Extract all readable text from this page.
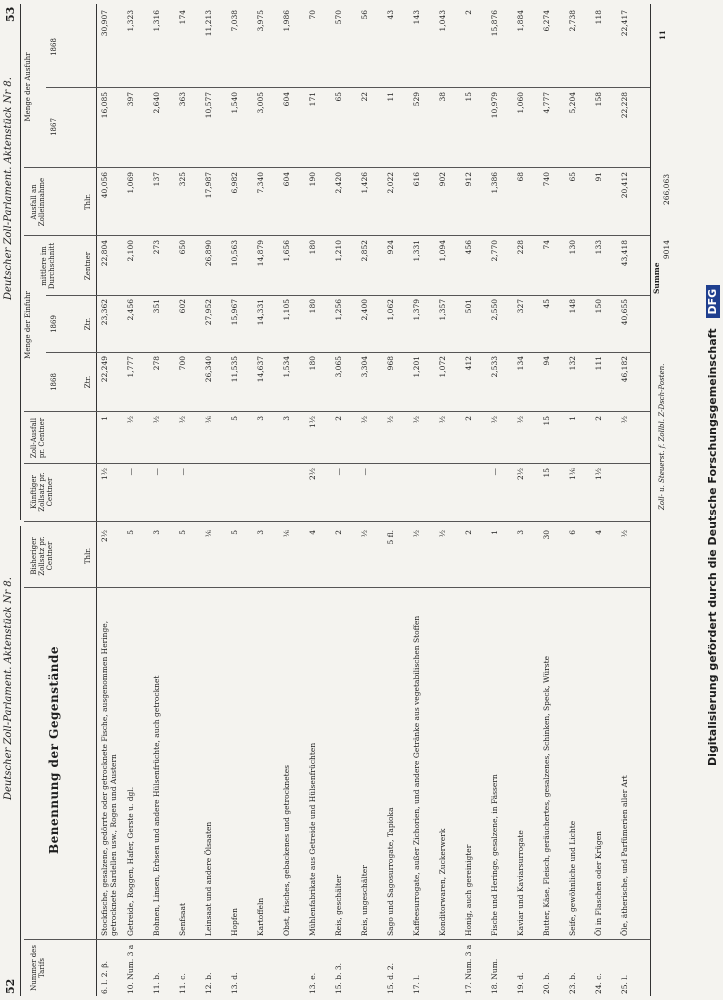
52
Deutscher Zoll-Parlament. Aktenstück Nr 8.
Deutscher Zoll-Parlament. Aktenstück Nr 8.
53
Nummer des Tarifs
Benennung der Gegenstände
Bisheriger Zollsatz pr. Centner	Thlr.
Künftiger Zollsatz pr. Centner
Zoll-Ausfall pr. Centner
Menge der Einfuhr
1868
1869
mittlere im Durchschnitt
Ausfall an Zolleinnahme
Menge der Ausfuhr
1867
1868
Ztr.
Ztr.
Zentner
Thlr.
6. l. 2. β.
Stockfische, gesalzene, gedörrte oder getrocknete Fische, ausgenommen Heringe, getrocknete Sardellen usw., Rogen und Austern
2½
1½
1
22,249
23,362
22,804
40,056
16,085
30,907
10. Num. 3 a
Getreide, Roggen, Hafer, Gerste u. dgl.
5
—
½
1,777
2,456
2,100
1,069
397
1,323
11. b.
Bohnen, Linsen, Erbsen und andere Hülsenfrüchte, auch getrocknet
3
—
½
278
351
273
137
2,640
1,316
11. c.
Senfsaat
5
—
½
700
602
650
325
363
174
12. b.
Leinsaat und andere Ölsaaten
⅙
⅙
26,340
27,952
26,890
17,987
10,577
11,213
13. d.
Hopfen
5
5
11,535
15,967
10,563
6,982
1,540
7,038
Kartoffeln
3
3
14,637
14,331
14,879
7,340
3,005
3,975
Obst, frisches, gebackenes und getrocknetes
⅙
3
1,534
1,105
1,656
604
604
1,986
13. e.
Mühlenfabrikate aus Getreide und Hülsenfrüchten
4
2½
1½
180
180
180
190
171
70
15. b. 3.
Reis, geschälter
2
—
2
3,065
1,256
1,210
2,420
65
570
Reis, ungeschälter
½
—
½
3,304
2,400
2,852
1,426
22
56
15. d. 2.
Sago und Sagosurrogate, Tapioka
5 fl.
½
968
1,062
924
2,022
11
43
17. l.
Kaffeesurrogate, außer Zichorien, und andere Getränke aus vegetabilischen Stoffen
½
½
1,201
1,379
1,331
616
529
143
Konditorwaren, Zuckerwerk
½
½
1,072
1,357
1,094
902
38
1,043
17. Num. 3 a
Honig, auch gereinigter
2
2
412
501
456
912
15
2
18. Num.
Fische und Heringe, gesalzene, in Fässern
1
—
½
2,533
2,550
2,770
1,386
10,979
15,876
19. d.
Kaviar und Kaviarsurrogate
3
2½
½
134
327
228
68
1,060
1,884
20. b.
Butter, Käse, Fleisch, geräuchertes, gesalzenes, Schinken, Speck, Würste
30
15
15
94
45
74
740
4,777
6,274
23. b.
Seife, gewöhnliche und Lichte
6
1⅙
1
132
148
130
65
5,204
2,738
24. c.
Öl in Flaschen oder Krügen
4
1½
2
111
150
133
91
158
118
25. l.
Öle, ätherische, und Parfümerien aller Art
½
½
46,182
40,655
43,418
20,412
22,228
22,417
Summe
9014
266,063
Zoll- u. Steuerst. f. Zollbl. Z-Dsch-Posten.
11
Digitalisierung gefördert durch die Deutsche Forschungsgemeinschaft DFG
